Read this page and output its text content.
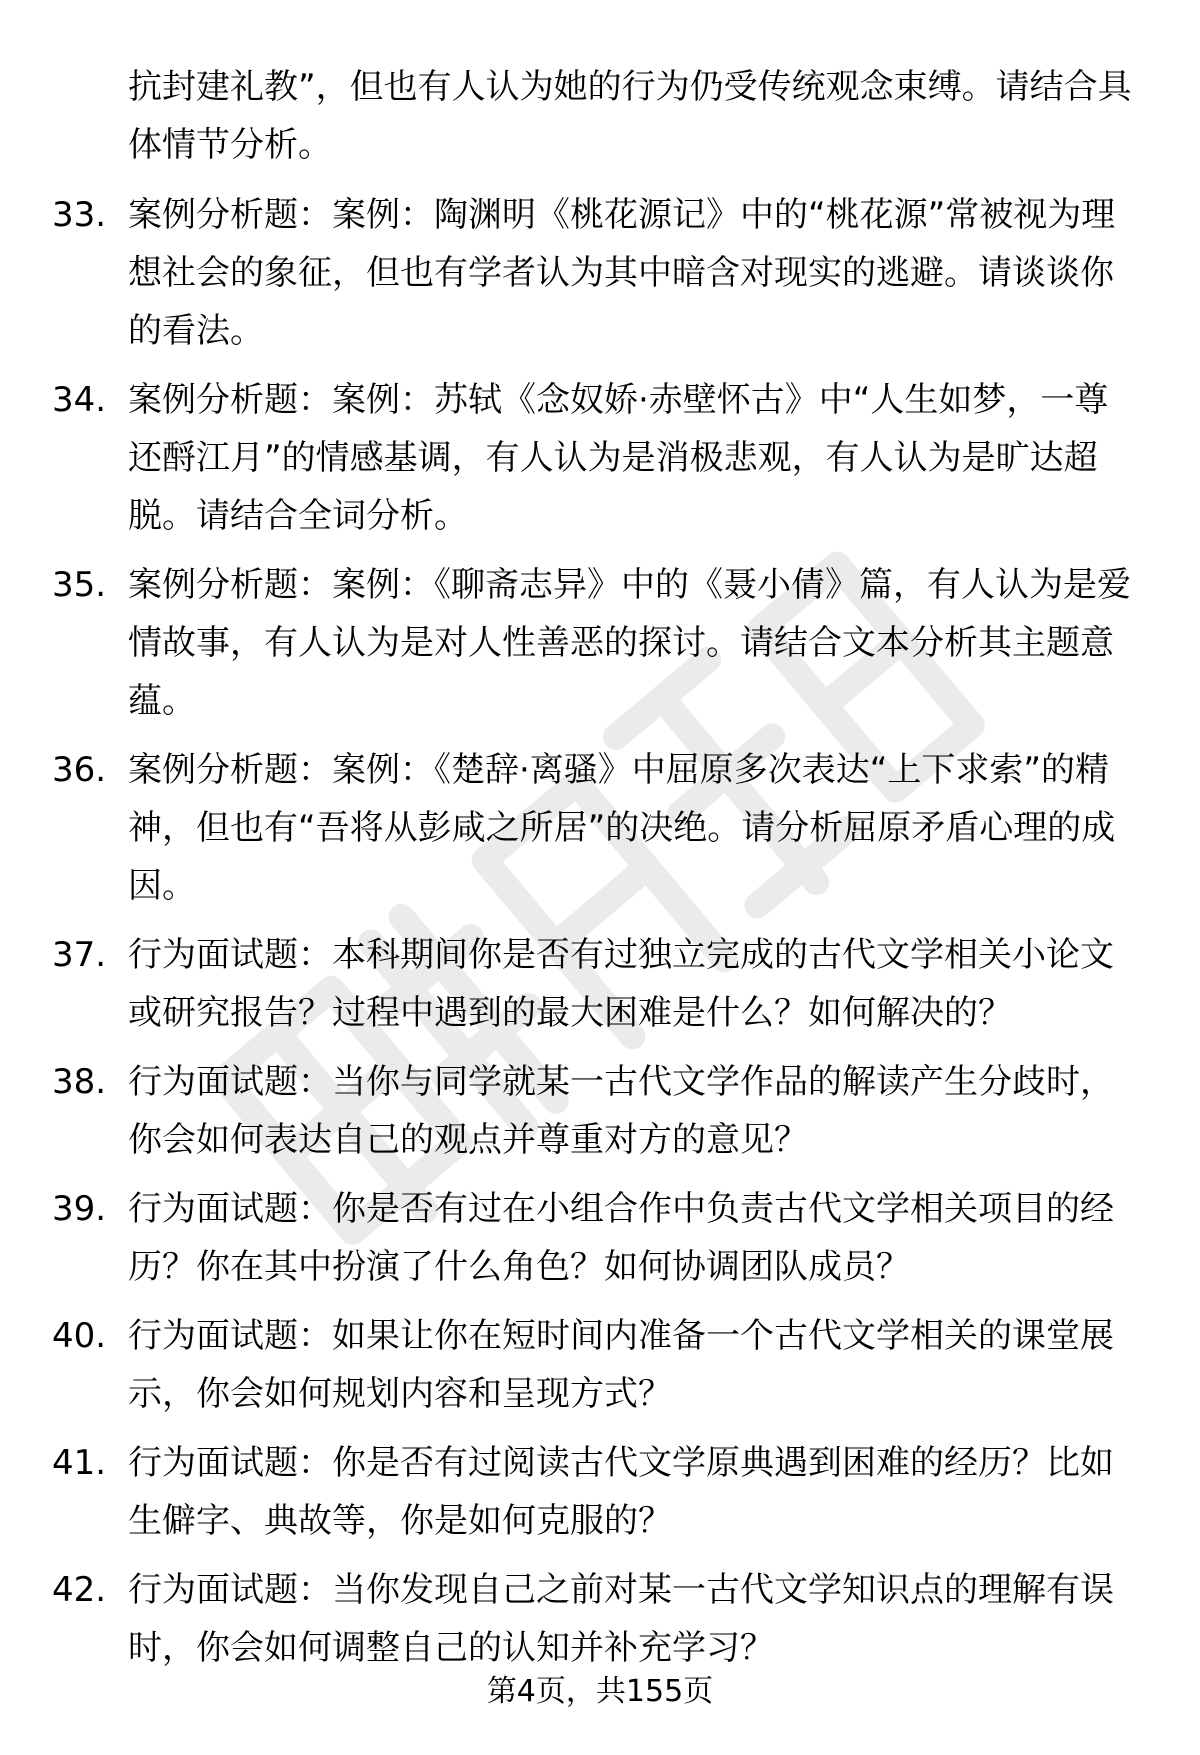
抗封建礼教”，但也有人认为她的行为仍受传统观念束缚。请结合具体情节分析。

33. 案例分析题：案例：陶渊明《桃花源记》中的“桃花源”常被视为理想社会的象征，但也有学者认为其中暗含对现实的逃避。请谈谈你的看法。

34. 案例分析题：案例：苏轼《念奴娇·赤壁怀古》中“人生如梦，一尊还酹江月”的情感基调，有人认为是消极悲观，有人认为是旷达超脱。请结合全词分析。

35. 案例分析题：案例：《聊斋志异》中的《聂小倩》篇，有人认为是爱情故事，有人认为是对人性善恶的探讨。请结合文本分析其主题意蕴。

36. 案例分析题：案例：《楚辞·离骚》中屈原多次表达“上下求索”的精神，但也有“吾将从彭咸之所居”的决绝。请分析屈原矛盾心理的成因。

37. 行为面试题：本科期间你是否有过独立完成的古代文学相关小论文或研究报告？过程中遇到的最大困难是什么？如何解决的？

38. 行为面试题：当你与同学就某一古代文学作品的解读产生分歧时，你会如何表达自己的观点并尊重对方的意见？

39. 行为面试题：你是否有过在小组合作中负责古代文学相关项目的经历？你在其中扮演了什么角色？如何协调团队成员？

40. 行为面试题：如果让你在短时间内准备一个古代文学相关的课堂展示，你会如何规划内容和呈现方式？

41. 行为面试题：你是否有过阅读古代文学原典遇到困难的经历？比如生僻字、典故等，你是如何克服的？

42. 行为面试题：当你发现自己之前对某一古代文学知识点的理解有误时，你会如何调整自己的认知并补充学习？

第4页，共155页
